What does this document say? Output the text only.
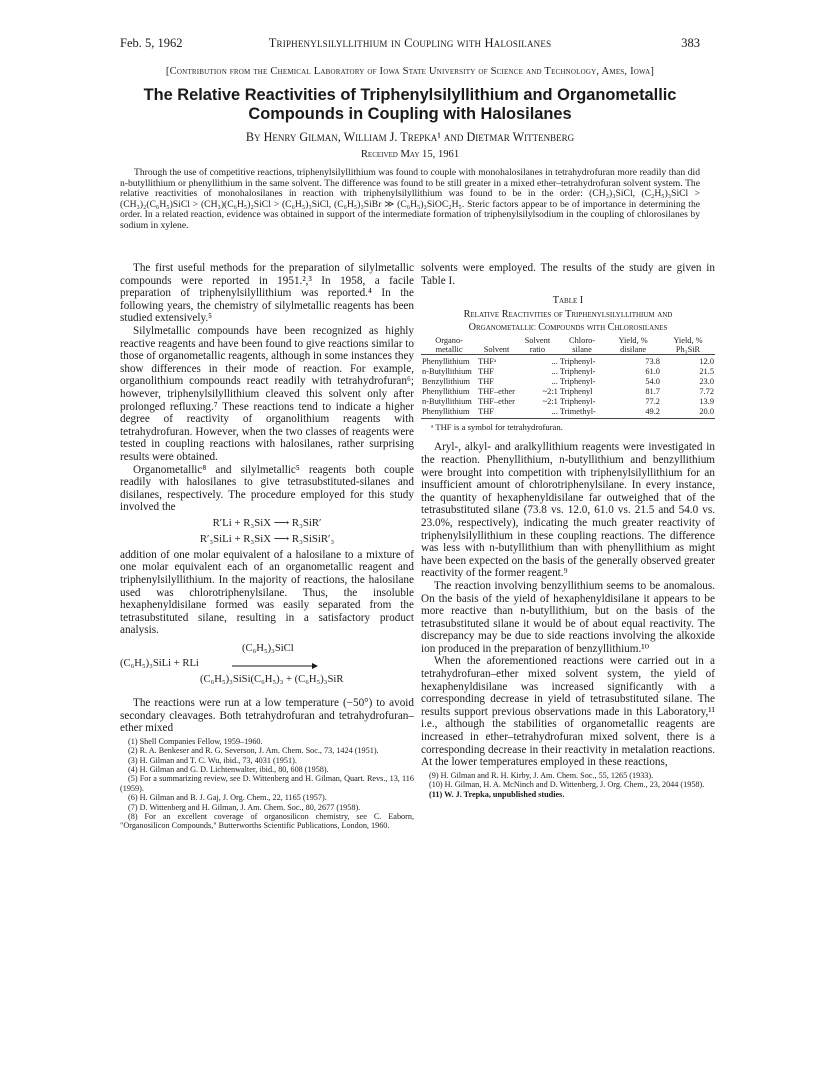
Feb. 5, 1962	Triphenylsilyllithium in Coupling with Halosilanes	383
[Contribution from the Chemical Laboratory of Iowa State University of Science and Technology, Ames, Iowa]
The Relative Reactivities of Triphenylsilyllithium and Organometallic Compounds in Coupling with Halosilanes
By Henry Gilman, William J. Trepka¹ and Dietmar Wittenberg
Received May 15, 1961
Through the use of competitive reactions, triphenylsilyllithium was found to couple with monohalosilanes in tetrahydrofuran more readily than did n-butyllithium or phenyllithium in the same solvent. The difference was found to be still greater in a mixed ether–tetrahydrofuran solvent system. The relative reactivities of monohalosilanes in reaction with triphenylsilyllithium was found to be in the order: (CH₃)₃SiCl, (C₂H₅)₃SiCl > (CH₃)₂(C₆H₅)SiCl > (CH₃)(C₆H₅)₂SiCl > (C₆H₅)₃SiCl, (C₆H₅)₃SiBr ≫ (C₆H₅)₃SiOC₂H₅. Steric factors appear to be of importance in determining the order. In a related reaction, evidence was obtained in support of the intermediate formation of triphenylsilylsodium in the coupling of chlorosilanes by sodium in xylene.

The first useful methods for the preparation of silylmetallic compounds were reported in 1951.²,³ In 1958, a facile preparation of triphenylsilyllithium was reported.⁴ In the following years, the chemistry of silylmetallic reagents has been studied extensively.⁵

Silylmetallic compounds have been recognized as highly reactive reagents and have been found to give reactions similar to those of organometallic reagents, although in some instances they show differences in their mode of reaction. For example, organolithium compounds react readily with tetrahydrofuran⁶; however, triphenylsilyllithium cleaved this solvent only after prolonged refluxing.⁷ These reactions tend to indicate a higher degree of reactivity of organolithium reagents with tetrahydrofuran. However, when the two classes of reagents were tested in coupling reactions with halosilanes, rather surprising results were obtained.

Organometallic⁸ and silylmetallic⁵ reagents both couple readily with halosilanes to give tetrasubstituted-silanes and disilanes, respectively. The procedure employed for this study involved the

R′Li + R₃SiX ⟶ R₃SiR′
R′₃SiLi + R₃SiX ⟶ R₃SiSiR′₃

addition of one molar equivalent of a halosilane to a mixture of one molar equivalent each of an organometallic reagent and triphenylsilyllithium. In the majority of reactions, the halosilane used was chlorotriphenylsilane. Thus, the insoluble hexaphenyldisilane formed was easily separated from the tetrasubstituted silane, resulting in a satisfactory product analysis.

(C₆H₅)₃SiCl
(C₆H₅)₃SiLi + RLi
(C₆H₅)₃SiSi(C₆H₅)₃ + (C₆H₅)₃SiR

The reactions were run at a low temperature (−50°) to avoid secondary cleavages. Both tetrahydrofuran and tetrahydrofuran–ether mixed

(1) Shell Companies Fellow, 1959–1960.
(2) R. A. Benkeser and R. G. Severson, J. Am. Chem. Soc., 73, 1424 (1951).
(3) H. Gilman and T. C. Wu, ibid., 73, 4031 (1951).
(4) H. Gilman and G. D. Lichtenwalter, ibid., 80, 608 (1958).
(5) For a summarizing review, see D. Wittenberg and H. Gilman, Quart. Revs., 13, 116 (1959).
(6) H. Gilman and B. J. Gaj, J. Org. Chem., 22, 1165 (1957).
(7) D. Wittenberg and H. Gilman, J. Am. Chem. Soc., 80, 2677 (1958).
(8) For an excellent coverage of organosilicon chemistry, see C. Eaborn, "Organosilicon Compounds," Butterworths Scientific Publications, London, 1960.

solvents were employed. The results of the study are given in Table I.

Table I
Relative Reactivities of Triphenylsilyllithium and
Organometallic Compounds with Chlorosilanes
Organo-metallic	Solvent	Solvent ratio	Chloro-silane	Yield, % disilane	Yield, % Ph₃SiR
Phenyllithium	THFᵃ	...	Triphenyl-	73.8	12.0
n-Butyllithium	THF	...	Triphenyl-	61.0	21.5
Benzyllithium	THF	...	Triphenyl-	54.0	23.0
Phenyllithium	THF–ether	~2:1	Triphenyl	81.7	7.72
n-Butyllithium	THF–ether	~2:1	Triphenyl-	77.2	13.9
Phenyllithium	THF	...	Trimethyl-	49.2	20.0
ᵃ THF is a symbol for tetrahydrofuran.

Aryl-, alkyl- and aralkyllithium reagents were investigated in the reaction. Phenyllithium, n-butyllithium and benzyllithium were brought into competition with triphenylsilyllithium for an insufficient amount of chlorotriphenylsilane. In every instance, the quantity of hexaphenyldisilane far outweighed that of the tetrasubstituted silane (73.8 vs. 12.0, 61.0 vs. 21.5 and 54.0 vs. 23.0%, respectively), indicating the much greater reactivity of triphenylsilyllithium in these coupling reactions. The difference was less with n-butyllithium than with phenyllithium as might have been expected on the basis of the generally observed greater reactivity of the former reagent.⁹

The reaction involving benzyllithium seems to be anomalous. On the basis of the yield of hexaphenyldisilane it appears to be more reactive than n-butyllithium, but on the basis of the tetrasubstituted silane it would be of about equal reactivity. The discrepancy may be due to side reactions involving the alkoxide ion produced in the preparation of benzyllithium.¹⁰

When the aforementioned reactions were carried out in a tetrahydrofuran–ether mixed solvent system, the yield of hexaphenyldisilane was increased significantly with a corresponding decrease in yield of tetrasubstituted silane. The results support previous observations made in this Laboratory,¹¹ i.e., although the stabilities of organometallic reagents are increased in ether–tetrahydrofuran mixed solvent, there is a corresponding decrease in their reactivity in metalation reactions. At the lower temperatures employed in these reactions,

(9) H. Gilman and R. H. Kirby, J. Am. Chem. Soc., 55, 1265 (1933).
(10) H. Gilman, H. A. McNinch and D. Wittenberg, J. Org. Chem., 23, 2044 (1958).
(11) W. J. Trepka, unpublished studies.
